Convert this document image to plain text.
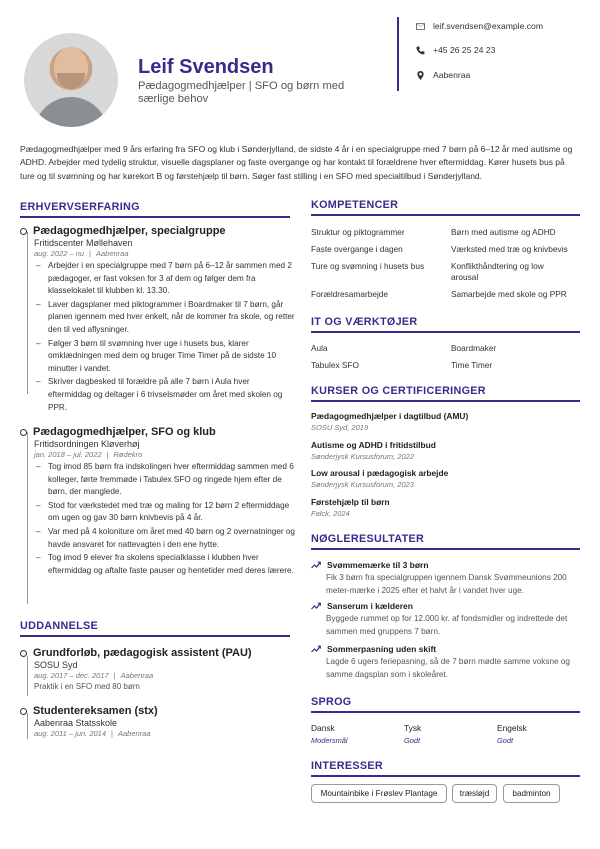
Leif Svendsen
Pædagogmedhjælper | SFO og børn med særlige behov
leif.svendsen@example.com
+45 26 25 24 23
Aabenraa
Pædagogmedhjælper med 9 års erfaring fra SFO og klub i Sønderjylland, de sidste 4 år i en specialgruppe med 7 børn på 6–12 år med autisme og ADHD. Arbejder med tydelig struktur, visuelle dagsplaner og faste overgange og har kontakt til forældrene hver eftermiddag. Kører husets bus på ture og til svømning og har kørekort B og førstehjælp til børn. Søger fast stilling i en SFO med specialtilbud i Sønderjylland.
ERHVERVSERFARING
Pædagogmedhjælper, specialgruppe
Fritidscenter Møllehaven
aug. 2022 – nu | Aabenraa
– Arbejder i en specialgruppe med 7 børn på 6–12 år sammen med 2 pædagoger, er fast voksen for 3 af dem og følger dem fra klasselokalet til klubben kl. 13.30.
– Laver dagsplaner med piktogrammer i Boardmaker til 7 børn, går planen igennem med hver enkelt, når de kommer fra skole, og retter den til ved aflysninger.
– Følger 3 børn til svømning hver uge i husets bus, klarer omklædningen med dem og bruger Time Timer på de sidste 10 minutter i vandet.
– Skriver dagbesked til forældre på alle 7 børn i Aula hver eftermiddag og deltager i 6 trivselsmøder om året med skolen og PPR.
Pædagogmedhjælper, SFO og klub
Fritidsordningen Kløverhøj
jan. 2018 – jul. 2022 | Rødekro
– Tog imod 85 børn fra indskolingen hver eftermiddag sammen med 6 kolleger, førte fremmøde i Tabulex SFO og ringede hjem efter de børn, der manglede.
– Stod for værkstedet med træ og maling for 12 børn 2 eftermiddage om ugen og gav 30 børn knivbevis på 4 år.
– Var med på 4 koloniture om året med 40 børn og 2 overnatninger og havde ansvaret for nattevagten i den ene hytte.
– Tog imod 9 elever fra skolens specialklasse i klubben hver eftermiddag og aftalte faste pauser og hentetider med deres lærere.
UDDANNELSE
Grundforløb, pædagogisk assistent (PAU)
SOSU Syd
aug. 2017 – dec. 2017 | Aabenraa
Praktik i en SFO med 80 børn
Studentereksamen (stx)
Aabenraa Statsskole
aug. 2011 – jun. 2014 | Aabenraa
KOMPETENCER
Struktur og piktogrammer	Børn med autisme og ADHD
Faste overgange i dagen	Værksted med træ og knivbevis
Ture og svømning i husets bus	Konflikthåndtering og low arousal
Forældresamarbejde	Samarbejde med skole og PPR
IT OG VÆRKTØJER
Aula	Boardmaker
Tabulex SFO	Time Timer
KURSER OG CERTIFICERINGER
Pædagogmedhjælper i dagtilbud (AMU)
SOSU Syd, 2019
Autisme og ADHD i fritidstilbud
Sønderjysk Kursusforum, 2022
Low arousal i pædagogisk arbejde
Sønderjysk Kursusforum, 2023
Førstehjælp til børn
Falck, 2024
NØGLERESULTATER
Svømmemærke til 3 børn
Fik 3 børn fra specialgruppen igennem Dansk Svømmeunions 200 meter-mærke i 2025 efter et halvt år i vandet hver uge.
Sanserum i kælderen
Byggede rummet op for 12.000 kr. af fondsmidler og indrettede det sammen med gruppens 7 børn.
Sommerpasning uden skift
Lagde 6 ugers feriepasning, så de 7 børn mødte samme voksne og samme dagsplan som i skoleåret.
SPROG
Dansk
Modersmål
Tysk
Godt
Engelsk
Godt
INTERESSER
Mountainbike i Frøslev Plantage	træsløjd	badminton
